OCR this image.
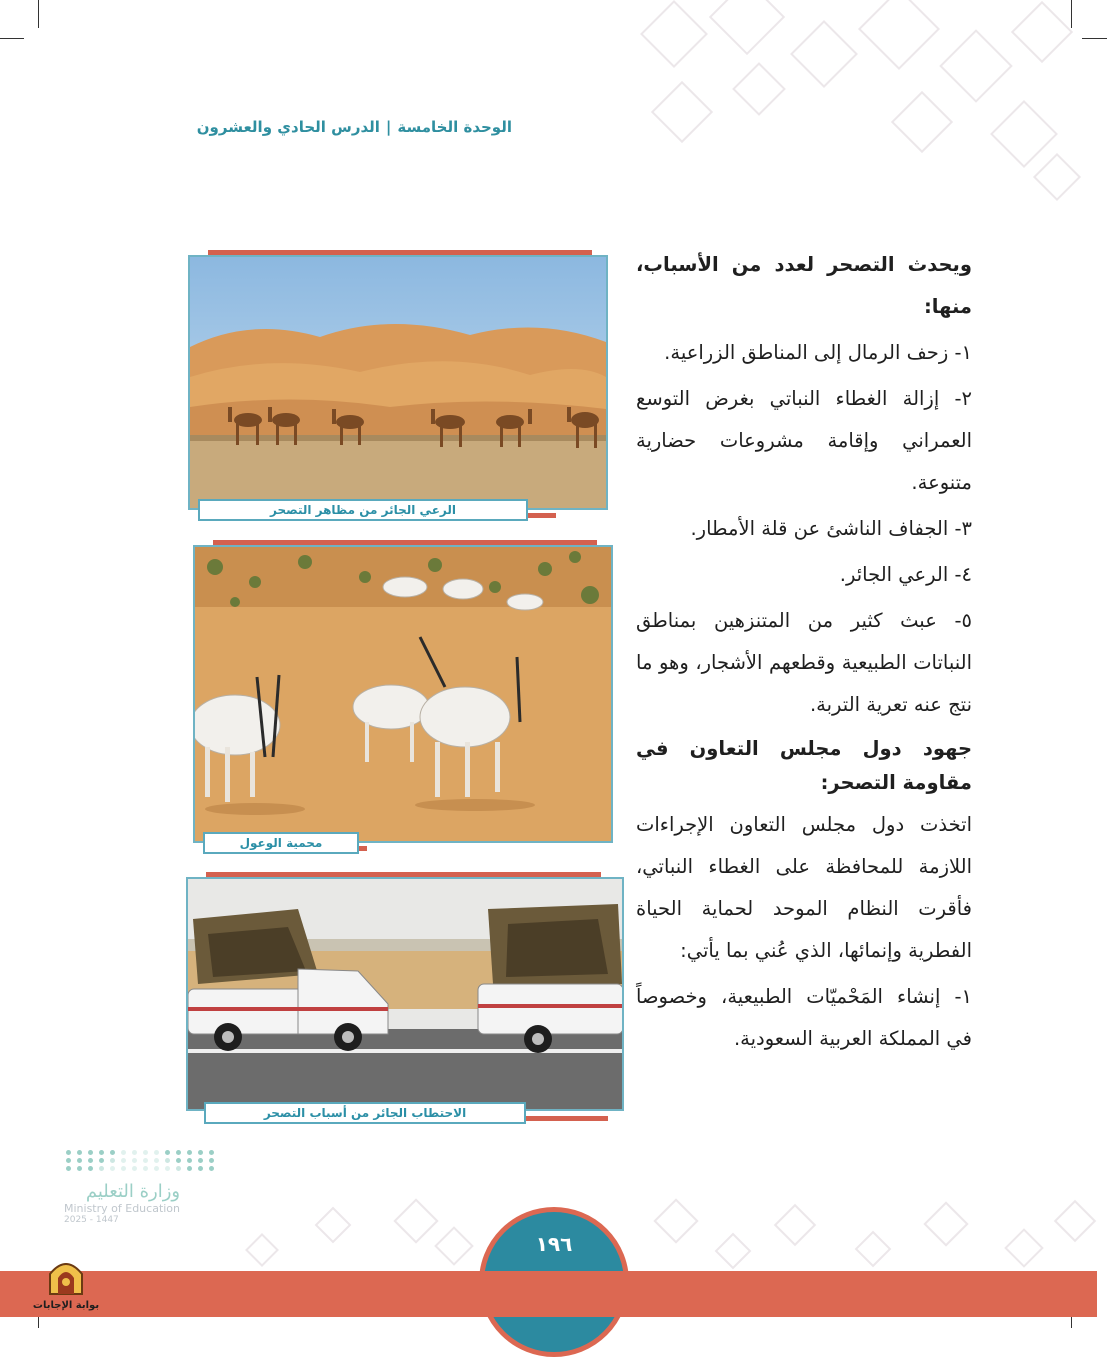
الوحدة الخامسة|الدرس الحادي والعشرون

ويحدث التصحر لعدد من الأسباب، منها:

١- زحف الرمال إلى المناطق الزراعية.

٢- إزالة الغطاء النباتي بغرض التوسع العمراني وإقامة مشروعات حضارية متنوعة.

٣- الجفاف الناشئ عن قلة الأمطار.

٤- الرعي الجائر.

٥- عبث كثير من المتنزهين بمناطق النباتات الطبيعية وقطعهم الأشجار، وهو ما نتج عنه تعرية التربة.

جهود دول مجلس التعاون في مقاومة التصحر:

اتخذت دول مجلس التعاون الإجراءات اللازمة للمحافظة على الغطاء النباتي، فأقرت النظام الموحد لحماية الحياة الفطرية وإنمائها، الذي عُني بما يأتي:

١- إنشاء المَحْميّات الطبيعية، وخصوصاً في المملكة العربية السعودية.

الرعي الجائر من مظاهر التصحر
محمية الوعول
الاحتطاب الجائر من أسباب التصحر
وزارة التعليم
Ministry of Education
2025 - 1447
١٩٦
بوابة الإجابات
